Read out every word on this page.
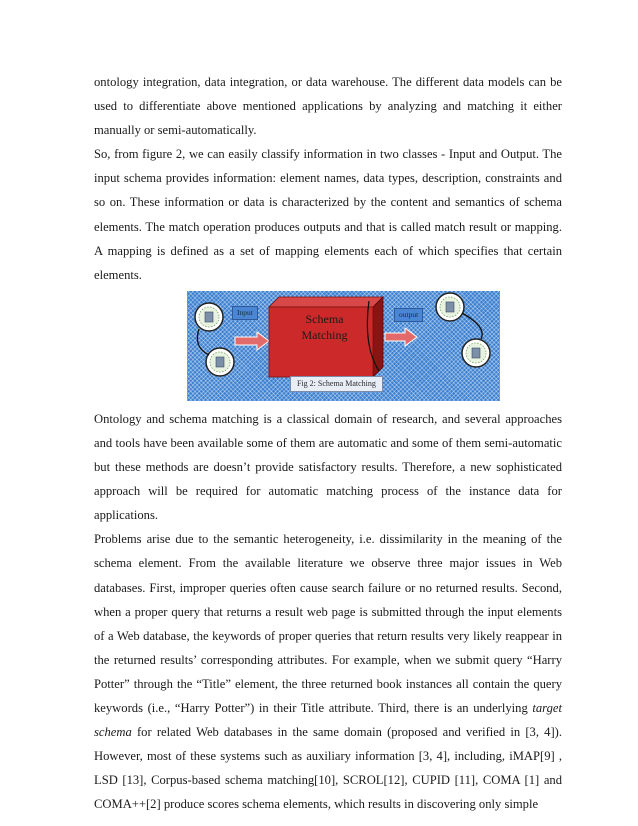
ontology integration, data integration, or data warehouse. The different data models can be used to differentiate above mentioned applications by analyzing and matching it either manually or semi-automatically.

So, from figure 2, we can easily classify information in two classes - Input and Output. The input schema provides information: element names, data types, description, constraints and so on. These information or data is characterized by the content and semantics of schema elements. The match operation produces outputs and that is called match result or mapping. A mapping is defined as a set of mapping elements each of which specifies that certain elements.

Input	output
Schema
Matching
Fig 2: Schema Matching

Ontology and schema matching is a classical domain of research, and several approaches and tools have been available some of them are automatic and some of them semi-automatic but these methods are doesn’t provide satisfactory results. Therefore, a new sophisticated approach will be required for automatic matching process of the instance data for applications.

Problems arise due to the semantic heterogeneity, i.e. dissimilarity in the meaning of the schema element. From the available literature we observe three major issues in Web databases. First, improper queries often cause search failure or no returned results. Second, when a proper query that returns a result web page is submitted through the input elements of a Web database, the keywords of proper queries that return results very likely reappear in the returned results’ corresponding attributes. For example, when we submit query “Harry Potter” through the “Title” element, the three returned book instances all contain the query keywords (i.e., “Harry Potter”) in their Title attribute. Third, there is an underlying target schema for related Web databases in the same domain (proposed and verified in [3, 4]). However, most of these systems such as auxiliary information [3, 4], including, iMAP[9] , LSD [13], Corpus-based schema matching[10], SCROL[12], CUPID [11], COMA [1] and COMA++[2] produce scores schema elements, which results in discovering only simple
